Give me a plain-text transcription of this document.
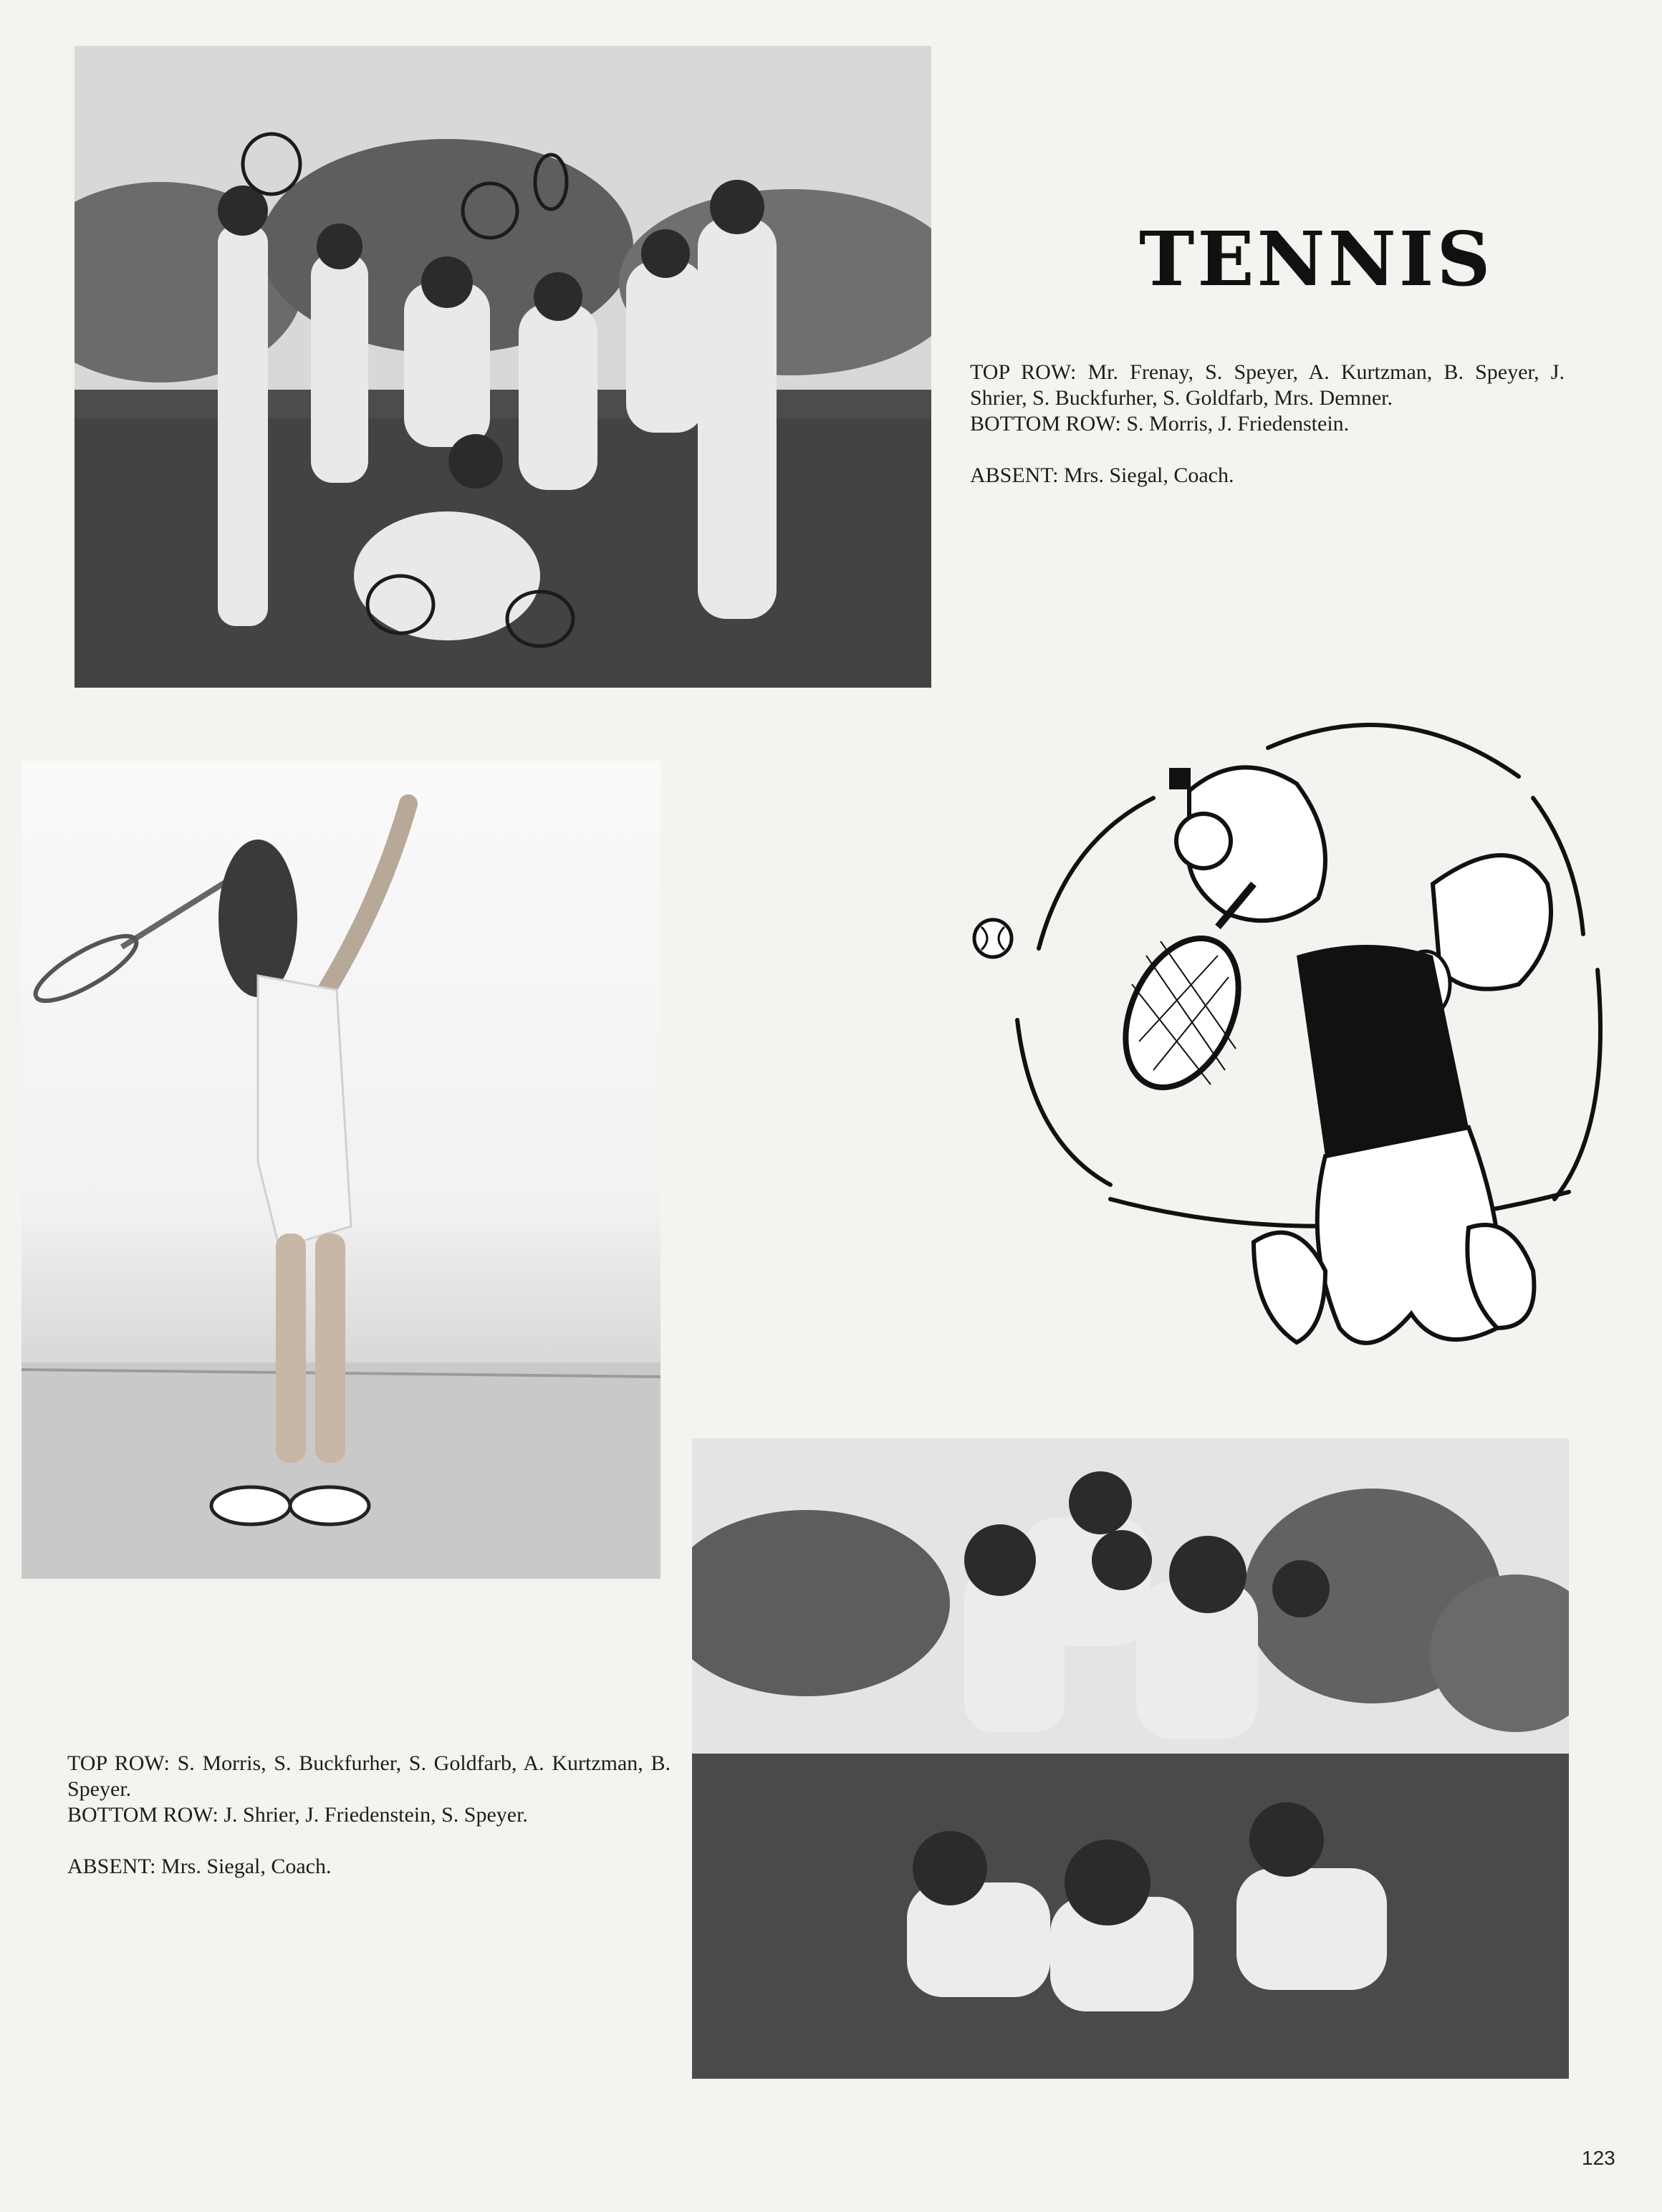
TENNIS

TOP ROW: Mr. Frenay, S. Speyer, A. Kurtzman, B. Speyer, J. Shrier, S. Buckfurher, S. Goldfarb, Mrs. Demner.

BOTTOM ROW: S. Morris, J. Friedenstein.

ABSENT: Mrs. Siegal, Coach.

TOP ROW: S. Morris, S. Buckfurher, S. Goldfarb, A. Kurtzman, B. Speyer.

BOTTOM ROW: J. Shrier, J. Friedenstein, S. Speyer.

ABSENT: Mrs. Siegal, Coach.

123
